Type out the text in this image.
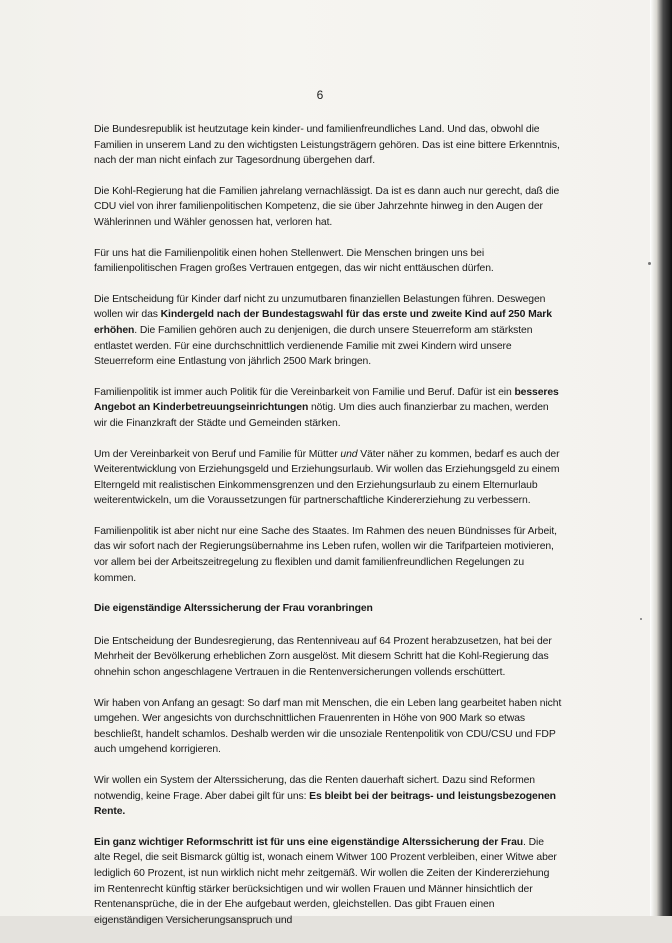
6

Die Bundesrepublik ist heutzutage kein kinder- und familienfreundliches Land. Und das, obwohl die Familien in unserem Land zu den wichtigsten Leistungsträgern gehören. Das ist eine bittere Erkenntnis, nach der man nicht einfach zur Tagesordnung übergehen darf.

Die Kohl-Regierung hat die Familien jahrelang vernachlässigt. Da ist es dann auch nur gerecht, daß die CDU viel von ihrer familienpolitischen Kompetenz, die sie über Jahrzehnte hinweg in den Augen der Wählerinnen und Wähler genossen hat, verloren hat.

Für uns hat die Familienpolitik einen hohen Stellenwert. Die Menschen bringen uns bei familienpolitischen Fragen großes Vertrauen entgegen, das wir nicht enttäuschen dürfen.

Die Entscheidung für Kinder darf nicht zu unzumutbaren finanziellen Belastungen führen. Deswegen wollen wir das Kindergeld nach der Bundestagswahl für das erste und zweite Kind auf 250 Mark erhöhen. Die Familien gehören auch zu denjenigen, die durch unsere Steuerreform am stärksten entlastet werden. Für eine durchschnittlich verdienende Familie mit zwei Kindern wird unsere Steuerreform eine Entlastung von jährlich 2500 Mark bringen.

Familienpolitik ist immer auch Politik für die Vereinbarkeit von Familie und Beruf. Dafür ist ein besseres Angebot an Kinderbetreuungseinrichtungen nötig. Um dies auch finanzierbar zu machen, werden wir die Finanzkraft der Städte und Gemeinden stärken.

Um der Vereinbarkeit von Beruf und Familie für Mütter und Väter näher zu kommen, bedarf es auch der Weiterentwicklung von Erziehungsgeld und Erziehungsurlaub. Wir wollen das Erziehungsgeld zu einem Elterngeld mit realistischen Einkommensgrenzen und den Erziehungsurlaub zu einem Elternurlaub weiterentwickeln, um die Voraussetzungen für partnerschaftliche Kindererziehung zu verbessern.

Familienpolitik ist aber nicht nur eine Sache des Staates. Im Rahmen des neuen Bündnisses für Arbeit, das wir sofort nach der Regierungsübernahme ins Leben rufen, wollen wir die Tarifparteien motivieren, vor allem bei der Arbeitszeitregelung zu flexiblen und damit familienfreundlichen Regelungen zu kommen.

Die eigenständige Alterssicherung der Frau voranbringen

Die Entscheidung der Bundesregierung, das Rentenniveau auf 64 Prozent herabzusetzen, hat bei der Mehrheit der Bevölkerung erheblichen Zorn ausgelöst. Mit diesem Schritt hat die Kohl-Regierung das ohnehin schon angeschlagene Vertrauen in die Rentenversicherungen vollends erschüttert.

Wir haben von Anfang an gesagt: So darf man mit Menschen, die ein Leben lang gearbeitet haben nicht umgehen. Wer angesichts von durchschnittlichen Frauenrenten in Höhe von 900 Mark so etwas beschließt, handelt schamlos. Deshalb werden wir die unsoziale Rentenpolitik von CDU/CSU und FDP auch umgehend korrigieren.

Wir wollen ein System der Alterssicherung, das die Renten dauerhaft sichert. Dazu sind Reformen notwendig, keine Frage. Aber dabei gilt für uns: Es bleibt bei der beitrags- und leistungsbezogenen Rente.

Ein ganz wichtiger Reformschritt ist für uns eine eigenständige Alterssicherung der Frau. Die alte Regel, die seit Bismarck gültig ist, wonach einem Witwer 100 Prozent verbleiben, einer Witwe aber lediglich 60 Prozent, ist nun wirklich nicht mehr zeitgemäß. Wir wollen die Zeiten der Kindererziehung im Rentenrecht künftig stärker berücksichtigen und wir wollen Frauen und Männer hinsichtlich der Rentenansprüche, die in der Ehe aufgebaut werden, gleichstellen. Das gibt Frauen einen eigenständigen Versicherungsanspruch und
